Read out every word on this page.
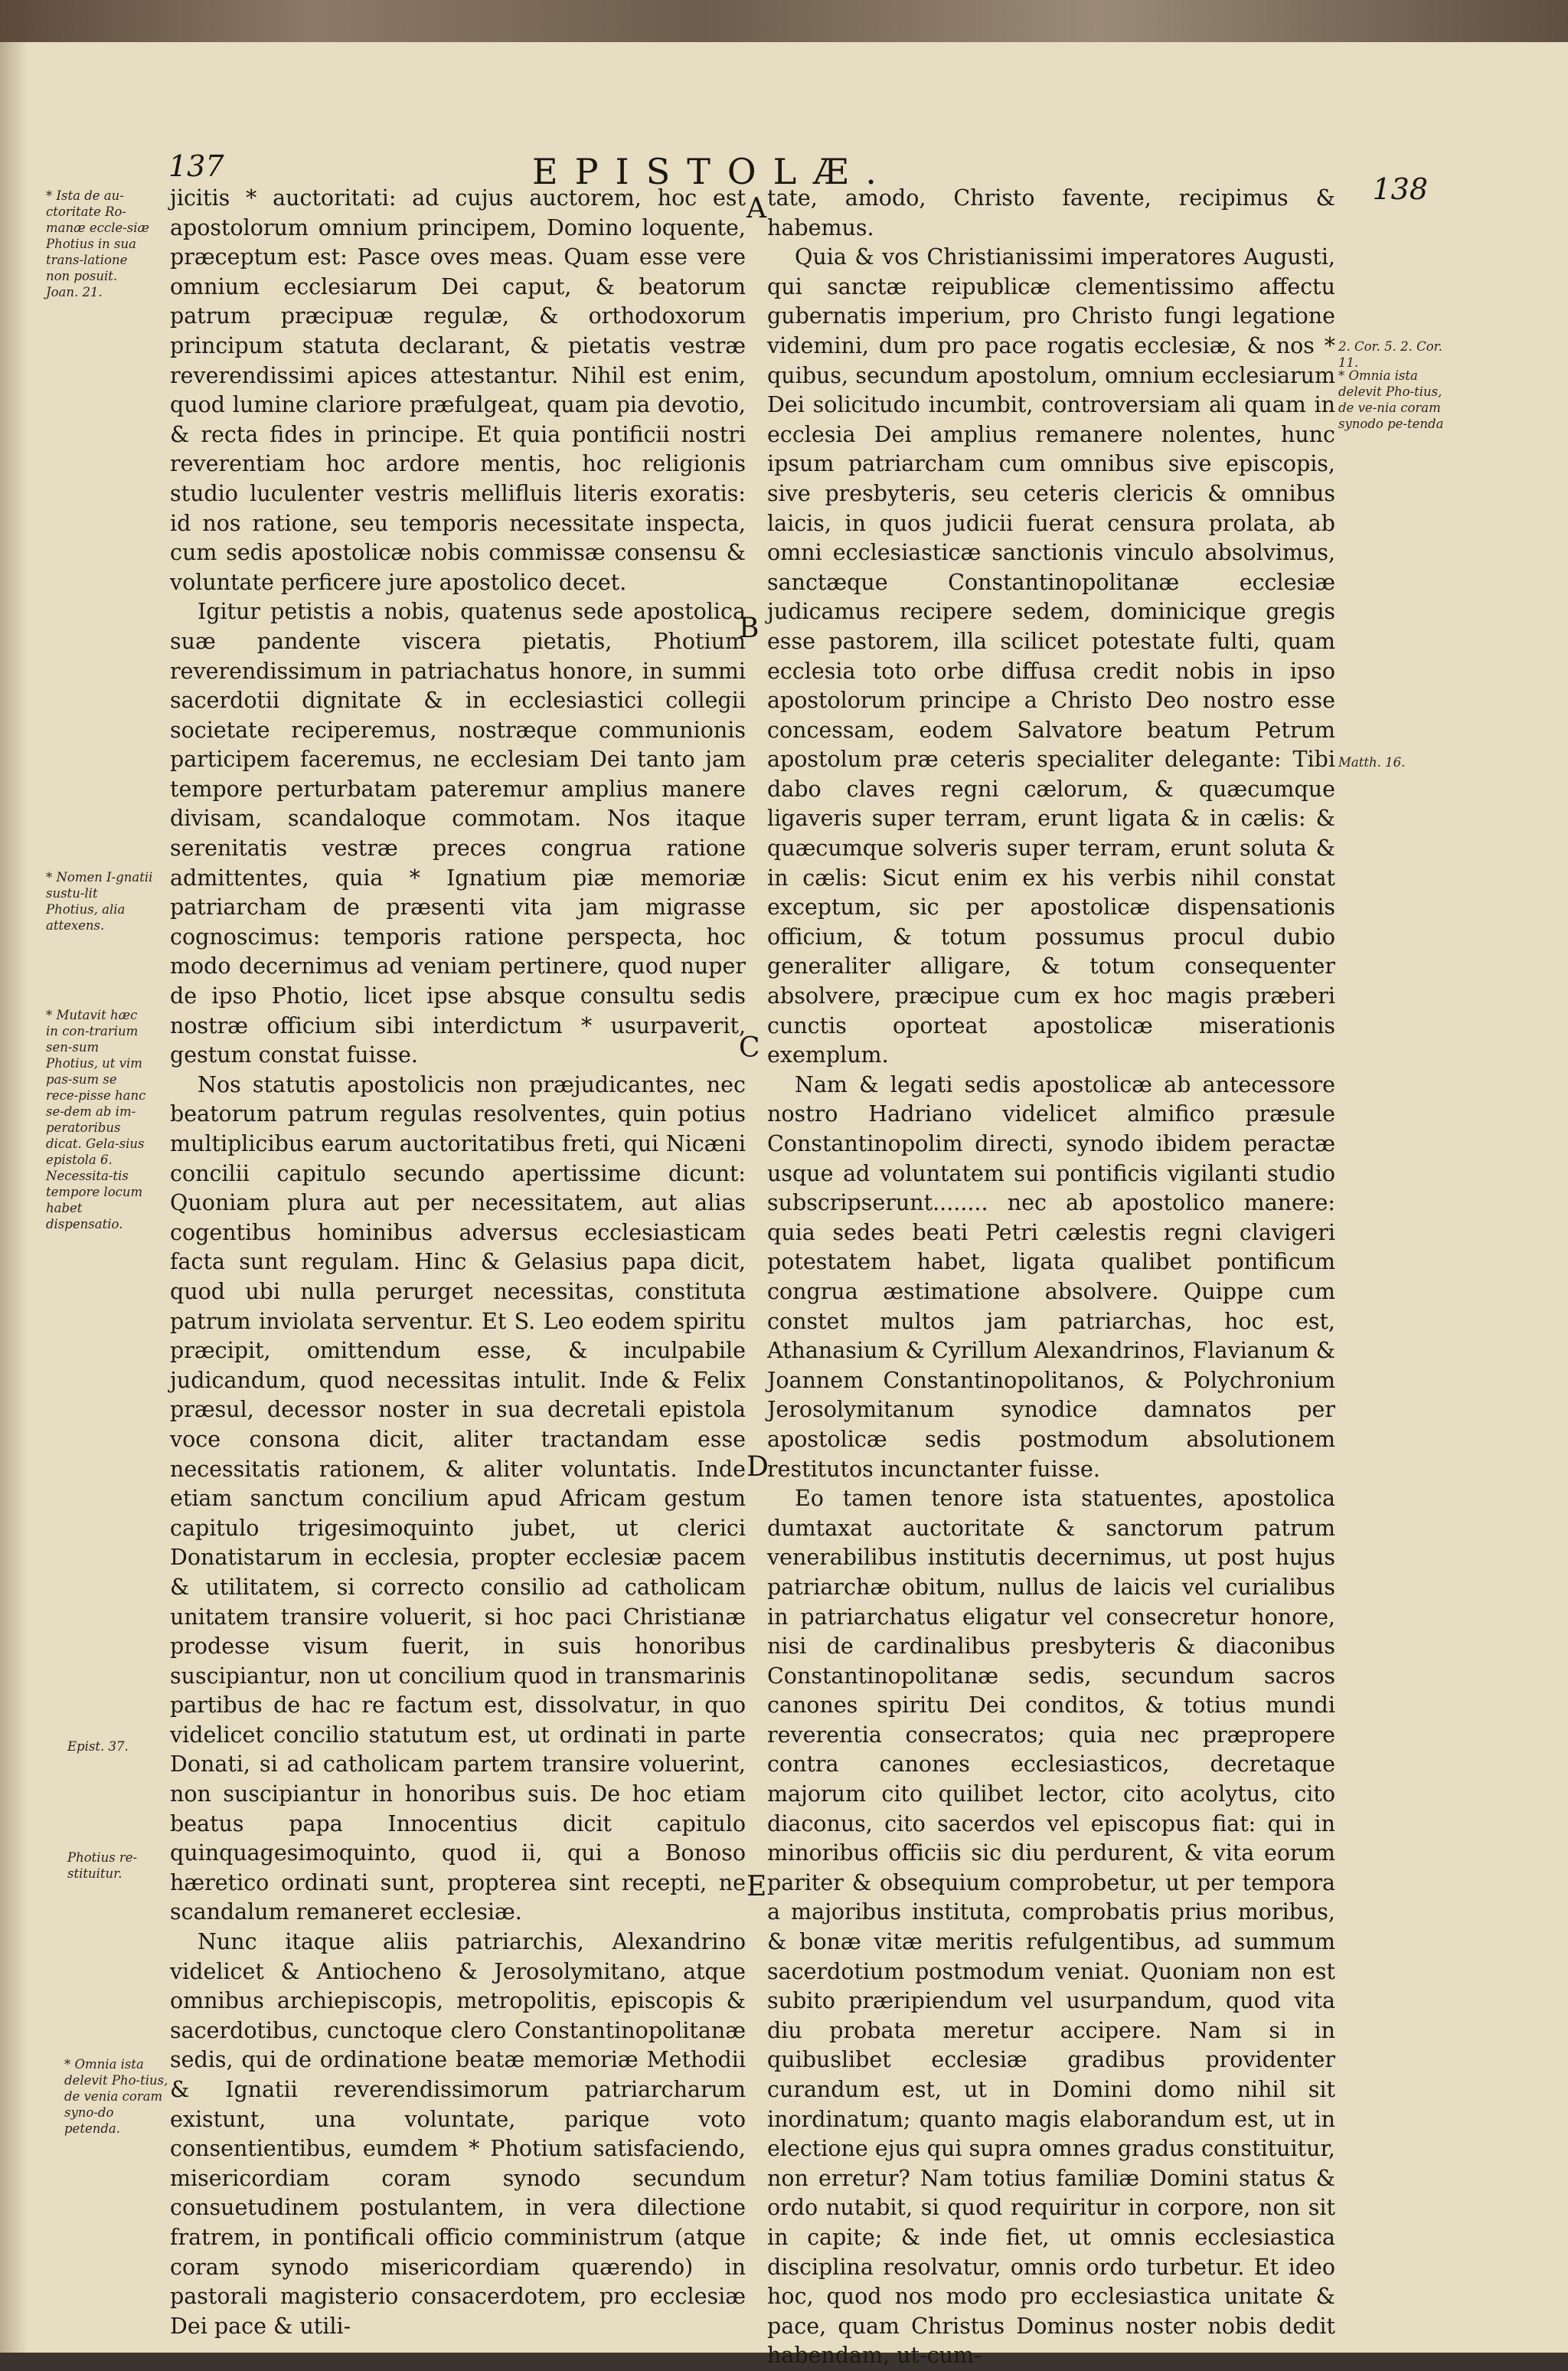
137	EPISTOLÆ.	138
* Ista de au-ctoritate Ro-manæ eccle-siæ Photius in sua trans-latione non posuit. Joan. 21.
* Nomen I-gnatii sustu-lit Photius, alia attexens.
* Mutavit hæc in con-trarium sen-sum Photius, ut vim pas-sum se rece-pisse hanc se-dem ab im-peratoribus dicat. Gela-sius epistola 6. Necessita-tis tempore locum habet dispensatio.
Epist. 37.
Photius re-stituitur.
* Omnia ista delevit Pho-tius, de venia coram syno-do petenda.
2. Cor. 5. 2. Cor. 11.
* Omnia ista delevit Pho-tius, de ve-nia coram synodo pe-tenda
Matth. 16.
A
B
C
D
E

jicitis * auctoritati: ad cujus auctorem, hoc est apostolorum omnium principem, Domino loquente, præceptum est: Pasce oves meas. Quam esse vere omnium ecclesiarum Dei caput, & beatorum patrum præcipuæ regulæ, & orthodoxorum principum statuta declarant, & pietatis vestræ reverendissimi apices attestantur. Nihil est enim, quod lumine clariore præfulgeat, quam pia devotio, & recta fides in principe. Et quia pontificii nostri reverentiam hoc ardore mentis, hoc religionis studio luculenter vestris mellifluis literis exoratis: id nos ratione, seu temporis necessitate inspecta, cum sedis apostolicæ nobis commissæ consensu & voluntate perficere jure apostolico decet.

Igitur petistis a nobis, quatenus sede apostolica suæ pandente viscera pietatis, Photium reverendissimum in patriachatus honore, in summi sacerdotii dignitate & in ecclesiastici collegii societate reciperemus, nostræque communionis participem faceremus, ne ecclesiam Dei tanto jam tempore perturbatam pateremur amplius manere divisam, scandaloque commotam. Nos itaque serenitatis vestræ preces congrua ratione admittentes, quia * Ignatium piæ memoriæ patriarcham de præsenti vita jam migrasse cognoscimus: temporis ratione perspecta, hoc modo decernimus ad veniam pertinere, quod nuper de ipso Photio, licet ipse absque consultu sedis nostræ officium sibi interdictum * usurpaverit, gestum constat fuisse.

Nos statutis apostolicis non præjudicantes, nec beatorum patrum regulas resolventes, quin potius multiplicibus earum auctoritatibus freti, qui Nicæni concilii capitulo secundo apertissime dicunt: Quoniam plura aut per necessitatem, aut alias cogentibus hominibus adversus ecclesiasticam facta sunt regulam. Hinc & Gelasius papa dicit, quod ubi nulla perurget necessitas, constituta patrum inviolata serventur. Et S. Leo eodem spiritu præcipit, omittendum esse, & inculpabile judicandum, quod necessitas intulit. Inde & Felix præsul, decessor noster in sua decretali epistola voce consona dicit, aliter tractandam esse necessitatis rationem, & aliter voluntatis. Inde etiam sanctum concilium apud Africam gestum capitulo trigesimoquinto jubet, ut clerici Donatistarum in ecclesia, propter ecclesiæ pacem & utilitatem, si correcto consilio ad catholicam unitatem transire voluerit, si hoc paci Christianæ prodesse visum fuerit, in suis honoribus suscipiantur, non ut concilium quod in transmarinis partibus de hac re factum est, dissolvatur, in quo videlicet concilio statutum est, ut ordinati in parte Donati, si ad catholicam partem transire voluerint, non suscipiantur in honoribus suis. De hoc etiam beatus papa Innocentius dicit capitulo quinquagesimoquinto, quod ii, qui a Bonoso hæretico ordinati sunt, propterea sint recepti, ne scandalum remaneret ecclesiæ.

Nunc itaque aliis patriarchis, Alexandrino videlicet & Antiocheno & Jerosolymitano, atque omnibus archiepiscopis, metropolitis, episcopis & sacerdotibus, cunctoque clero Constantinopolitanæ sedis, qui de ordinatione beatæ memoriæ Methodii & Ignatii reverendissimorum patriarcharum existunt, una voluntate, parique voto consentientibus, eumdem * Photium satisfaciendo, misericordiam coram synodo secundum consuetudinem postulantem, in vera dilectione fratrem, in pontificali officio comministrum (atque coram synodo misericordiam quærendo) in pastorali magisterio consacerdotem, pro ecclesiæ Dei pace & utili-

tate, amodo, Christo favente, recipimus & habemus.

Quia & vos Christianissimi imperatores Augusti, qui sanctæ reipublicæ clementissimo affectu gubernatis imperium, pro Christo fungi legatione videmini, dum pro pace rogatis ecclesiæ, & nos * quibus, secundum apostolum, omnium ecclesiarum Dei solicitudo incumbit, controversiam ali quam in ecclesia Dei amplius remanere nolentes, hunc ipsum patriarcham cum omnibus sive episcopis, sive presbyteris, seu ceteris clericis & omnibus laicis, in quos judicii fuerat censura prolata, ab omni ecclesiasticæ sanctionis vinculo absolvimus, sanctæque Constantinopolitanæ ecclesiæ judicamus recipere sedem, dominicique gregis esse pastorem, illa scilicet potestate fulti, quam ecclesia toto orbe diffusa credit nobis in ipso apostolorum principe a Christo Deo nostro esse concessam, eodem Salvatore beatum Petrum apostolum præ ceteris specialiter delegante: Tibi dabo claves regni cælorum, & quæcumque ligaveris super terram, erunt ligata & in cælis: & quæcumque solveris super terram, erunt soluta & in cælis: Sicut enim ex his verbis nihil constat exceptum, sic per apostolicæ dispensationis officium, & totum possumus procul dubio generaliter alligare, & totum consequenter absolvere, præcipue cum ex hoc magis præberi cunctis oporteat apostolicæ miserationis exemplum.

Nam & legati sedis apostolicæ ab antecessore nostro Hadriano videlicet almifico præsule Constantinopolim directi, synodo ibidem peractæ usque ad voluntatem sui pontificis vigilanti studio subscripserunt........ nec ab apostolico manere: quia sedes beati Petri cælestis regni clavigeri potestatem habet, ligata qualibet pontificum congrua æstimatione absolvere. Quippe cum constet multos jam patriarchas, hoc est, Athanasium & Cyrillum Alexandrinos, Flavianum & Joannem Constantinopolitanos, & Polychronium Jerosolymitanum synodice damnatos per apostolicæ sedis postmodum absolutionem restitutos incunctanter fuisse.

Eo tamen tenore ista statuentes, apostolica dumtaxat auctoritate & sanctorum patrum venerabilibus institutis decernimus, ut post hujus patriarchæ obitum, nullus de laicis vel curialibus in patriarchatus eligatur vel consecretur honore, nisi de cardinalibus presbyteris & diaconibus Constantinopolitanæ sedis, secundum sacros canones spiritu Dei conditos, & totius mundi reverentia consecratos; quia nec præpropere contra canones ecclesiasticos, decretaque majorum cito quilibet lector, cito acolytus, cito diaconus, cito sacerdos vel episcopus fiat: qui in minoribus officiis sic diu perdurent, & vita eorum pariter & obsequium comprobetur, ut per tempora a majoribus instituta, comprobatis prius moribus, & bonæ vitæ meritis refulgentibus, ad summum sacerdotium postmodum veniat. Quoniam non est subito præripiendum vel usurpandum, quod vita diu probata meretur accipere. Nam si in quibuslibet ecclesiæ gradibus providenter curandum est, ut in Domini domo nihil sit inordinatum; quanto magis elaborandum est, ut in electione ejus qui supra omnes gradus constituitur, non erretur? Nam totius familiæ Domini status & ordo nutabit, si quod requiritur in corpore, non sit in capite; & inde fiet, ut omnis ecclesiastica disciplina resolvatur, omnis ordo turbetur. Et ideo hoc, quod nos modo pro ecclesiastica unitate & pace, quam Christus Dominus noster nobis dedit habendam, ut-cum-
